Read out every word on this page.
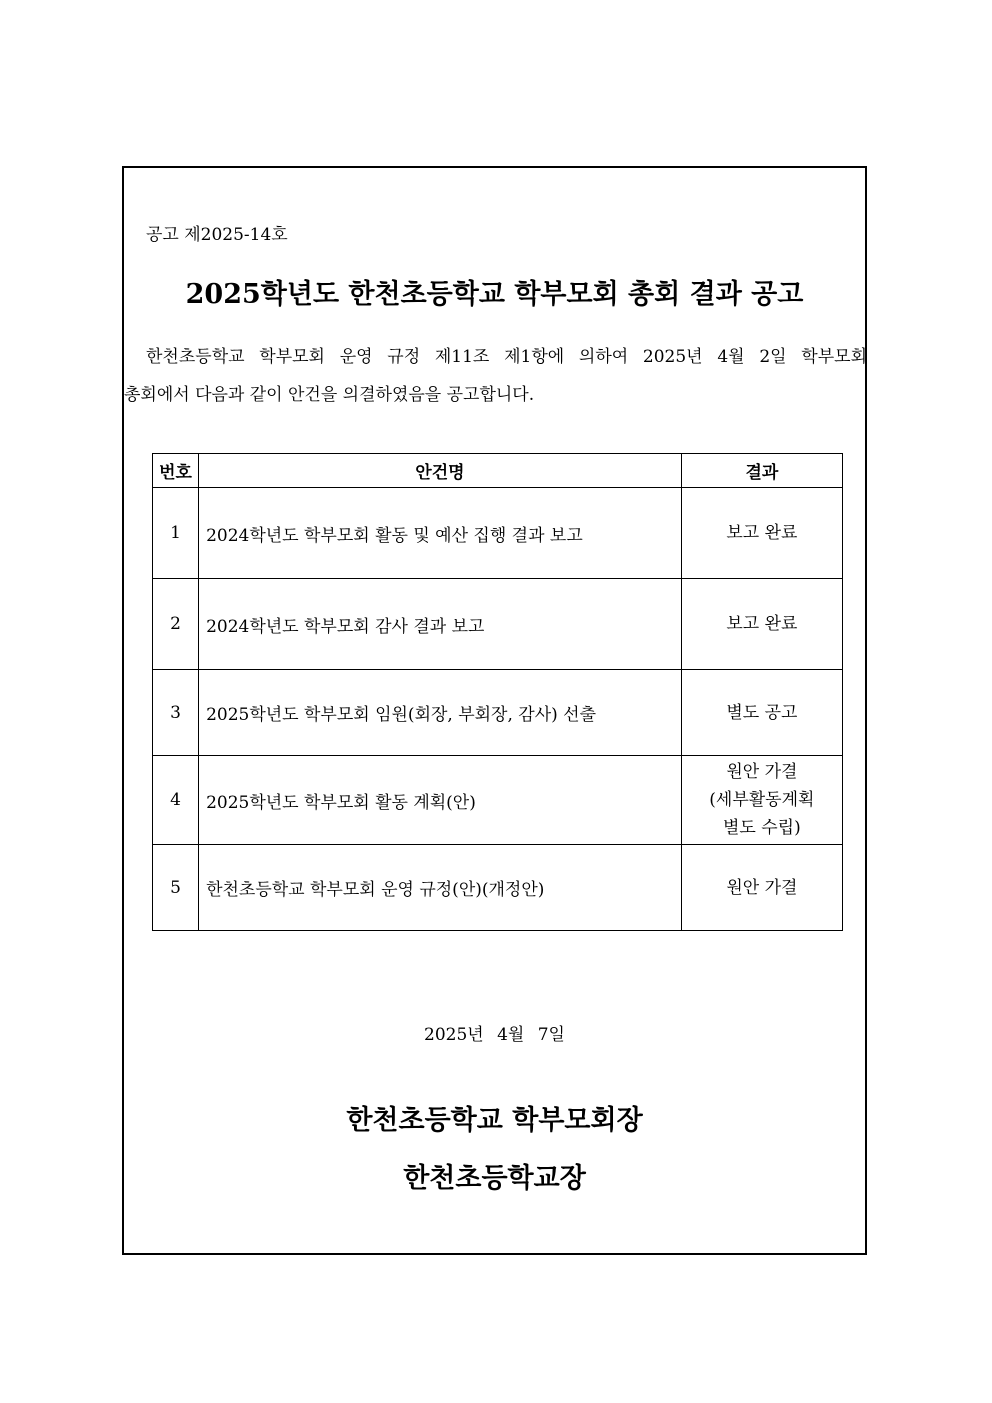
공고 제2025-14호
2025학년도 한천초등학교 학부모회 총회 결과 공고
한천초등학교 학부모회 운영 규정 제11조 제1항에 의하여 2025년 4월 2일 학부모회
총회에서 다음과 같이 안건을 의결하였음을 공고합니다.
번호	안건명	결과
1	2024학년도 학부모회 활동 및 예산 집행 결과 보고	보고 완료

2	2024학년도 학부모회 감사 결과 보고	보고 완료

3	2025학년도 학부모회 임원(회장, 부회장, 감사) 선출	별도 공고

4	2025학년도 학부모회 활동 계획(안)	원안 가결
(세부활동계획
별도 수립)

5	한천초등학교 학부모회 운영 규정(안)(개정안)	원안 가결
2025년 4월 7일
한천초등학교 학부모회장
한천초등학교장
